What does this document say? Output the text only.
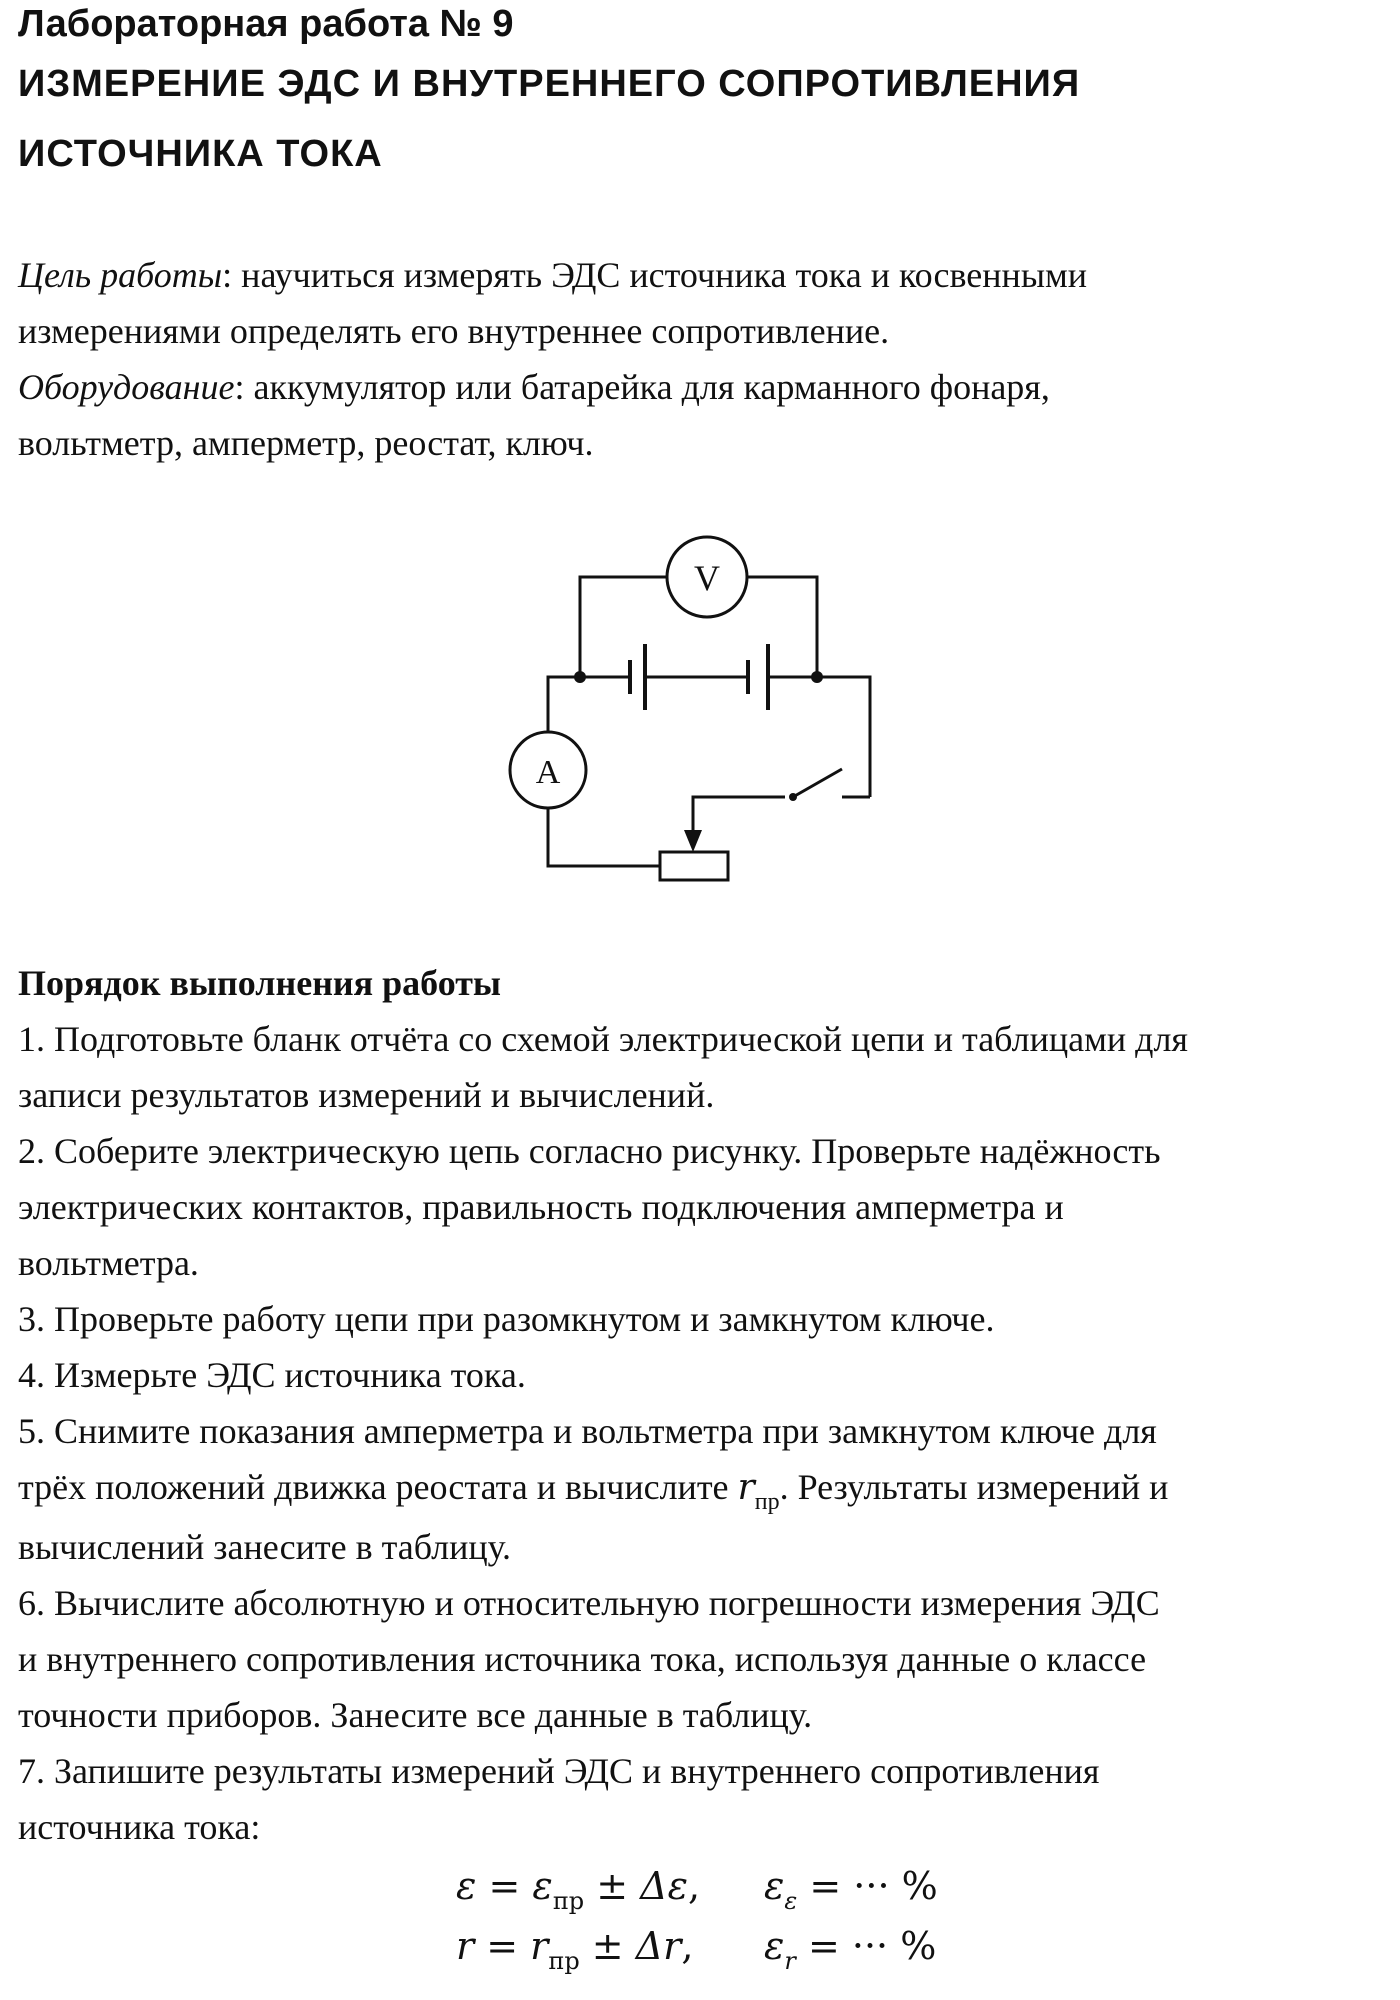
Лабораторная работа № 9
ИЗМЕРЕНИЕ ЭДС И ВНУТРЕННЕГО СОПРОТИВЛЕНИЯ
ИСТОЧНИКА ТОКА

Цель работы: научиться измерять ЭДС источника тока и косвенными

измерениями определять его внутреннее сопротивление.

Оборудование: аккумулятор или батарейка для карманного фонаря,

вольтметр, амперметр, реостат, ключ.

V
A

Порядок выполнения работы

1. Подготовьте бланк отчёта со схемой электрической цепи и таблицами для

записи результатов измерений и вычислений.

2. Соберите электрическую цепь согласно рисунку. Проверьте надёжность

электрических контактов, правильность подключения амперметра и

вольтметра.

3. Проверьте работу цепи при разомкнутом и замкнутом ключе.

4. Измерьте ЭДС источника тока.

5. Снимите показания амперметра и вольтметра при замкнутом ключе для

трёх положений движка реостата и вычислите $r_{пр}$. Результаты измерений и

вычислений занесите в таблицу.

6. Вычислите абсолютную и относительную погрешности измерения ЭДС

и внутреннего сопротивления источника тока, используя данные о классе

точности приборов. Занесите все данные в таблицу.

7. Запишите результаты измерений ЭДС и внутреннего сопротивления

источника тока:

$\varepsilon = \varepsilon_{пр} \pm \Delta\varepsilon$, $\varepsilon_\varepsilon$ = ··· %

$r = r_{пр} \pm \Delta r$, $\varepsilon_r$ = ··· %
